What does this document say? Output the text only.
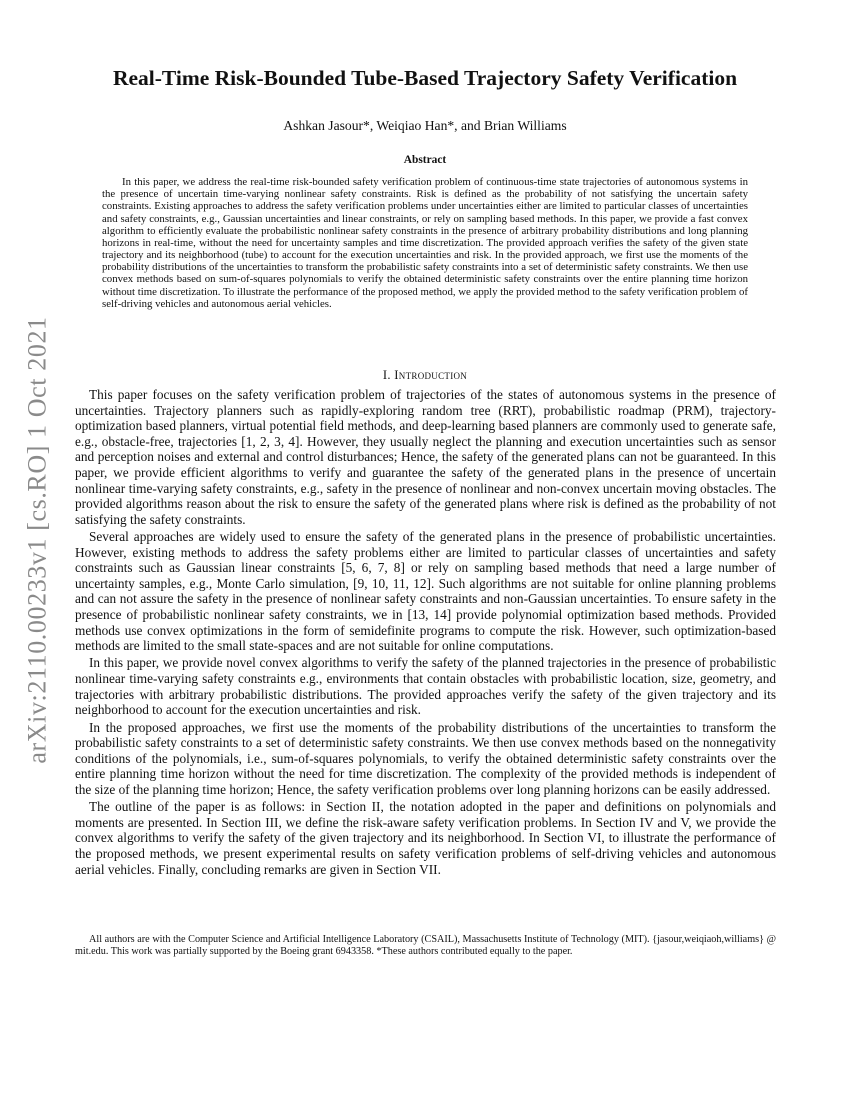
arXiv:2110.00233v1 [cs.RO] 1 Oct 2021
Real-Time Risk-Bounded Tube-Based Trajectory Safety Verification
Ashkan Jasour*, Weiqiao Han*, and Brian Williams
Abstract

In this paper, we address the real-time risk-bounded safety verification problem of continuous-time state trajectories of autonomous systems in the presence of uncertain time-varying nonlinear safety constraints. Risk is defined as the probability of not satisfying the uncertain safety constraints. Existing approaches to address the safety verification problems under uncertainties either are limited to particular classes of uncertainties and safety constraints, e.g., Gaussian uncertainties and linear constraints, or rely on sampling based methods. In this paper, we provide a fast convex algorithm to efficiently evaluate the probabilistic nonlinear safety constraints in the presence of arbitrary probability distributions and long planning horizons in real-time, without the need for uncertainty samples and time discretization. The provided approach verifies the safety of the given state trajectory and its neighborhood (tube) to account for the execution uncertainties and risk. In the provided approach, we first use the moments of the probability distributions of the uncertainties to transform the probabilistic safety constraints into a set of deterministic safety constraints. We then use convex methods based on sum-of-squares polynomials to verify the obtained deterministic safety constraints over the entire planning time horizon without time discretization. To illustrate the performance of the proposed method, we apply the provided method to the safety verification problem of self-driving vehicles and autonomous aerial vehicles.

I. Introduction

This paper focuses on the safety verification problem of trajectories of the states of autonomous systems in the presence of uncertainties. Trajectory planners such as rapidly-exploring random tree (RRT), probabilistic roadmap (PRM), trajectory-optimization based planners, virtual potential field methods, and deep-learning based planners are commonly used to generate safe, e.g., obstacle-free, trajectories [1, 2, 3, 4]. However, they usually neglect the planning and execution uncertainties such as sensor and perception noises and external and control disturbances; Hence, the safety of the generated plans can not be guaranteed. In this paper, we provide efficient algorithms to verify and guarantee the safety of the generated plans in the presence of uncertain nonlinear time-varying safety constraints, e.g., safety in the presence of nonlinear and non-convex uncertain moving obstacles. The provided algorithms reason about the risk to ensure the safety of the generated plans where risk is defined as the probability of not satisfying the safety constraints.

Several approaches are widely used to ensure the safety of the generated plans in the presence of probabilistic uncertainties. However, existing methods to address the safety problems either are limited to particular classes of uncertainties and safety constraints such as Gaussian linear constraints [5, 6, 7, 8] or rely on sampling based methods that need a large number of uncertainty samples, e.g., Monte Carlo simulation, [9, 10, 11, 12]. Such algorithms are not suitable for online planning problems and can not assure the safety in the presence of nonlinear safety constraints and non-Gaussian uncertainties. To ensure safety in the presence of probabilistic nonlinear safety constraints, we in [13, 14] provide polynomial optimization based methods. Provided methods use convex optimizations in the form of semidefinite programs to compute the risk. However, such optimization-based methods are limited to the small state-spaces and are not suitable for online computations.

In this paper, we provide novel convex algorithms to verify the safety of the planned trajectories in the presence of probabilistic nonlinear time-varying safety constraints e.g., environments that contain obstacles with probabilistic location, size, geometry, and trajectories with arbitrary probabilistic distributions. The provided approaches verify the safety of the given trajectory and its neighborhood to account for the execution uncertainties and risk.

In the proposed approaches, we first use the moments of the probability distributions of the uncertainties to transform the probabilistic safety constraints to a set of deterministic safety constraints. We then use convex methods based on the nonnegativity conditions of the polynomials, i.e., sum-of-squares polynomials, to verify the obtained deterministic safety constraints over the entire planning time horizon without the need for time discretization. The complexity of the provided methods is independent of the size of the planning time horizon; Hence, the safety verification problems over long planning horizons can be easily addressed.

The outline of the paper is as follows: in Section II, the notation adopted in the paper and definitions on polynomials and moments are presented. In Section III, we define the risk-aware safety verification problems. In Section IV and V, we provide the convex algorithms to verify the safety of the given trajectory and its neighborhood. In Section VI, to illustrate the performance of the proposed methods, we present experimental results on safety verification problems of self-driving vehicles and autonomous aerial vehicles. Finally, concluding remarks are given in Section VII.

All authors are with the Computer Science and Artificial Intelligence Laboratory (CSAIL), Massachusetts Institute of Technology (MIT). {jasour,weiqiaoh,williams} @ mit.edu. This work was partially supported by the Boeing grant 6943358. *These authors contributed equally to the paper.
